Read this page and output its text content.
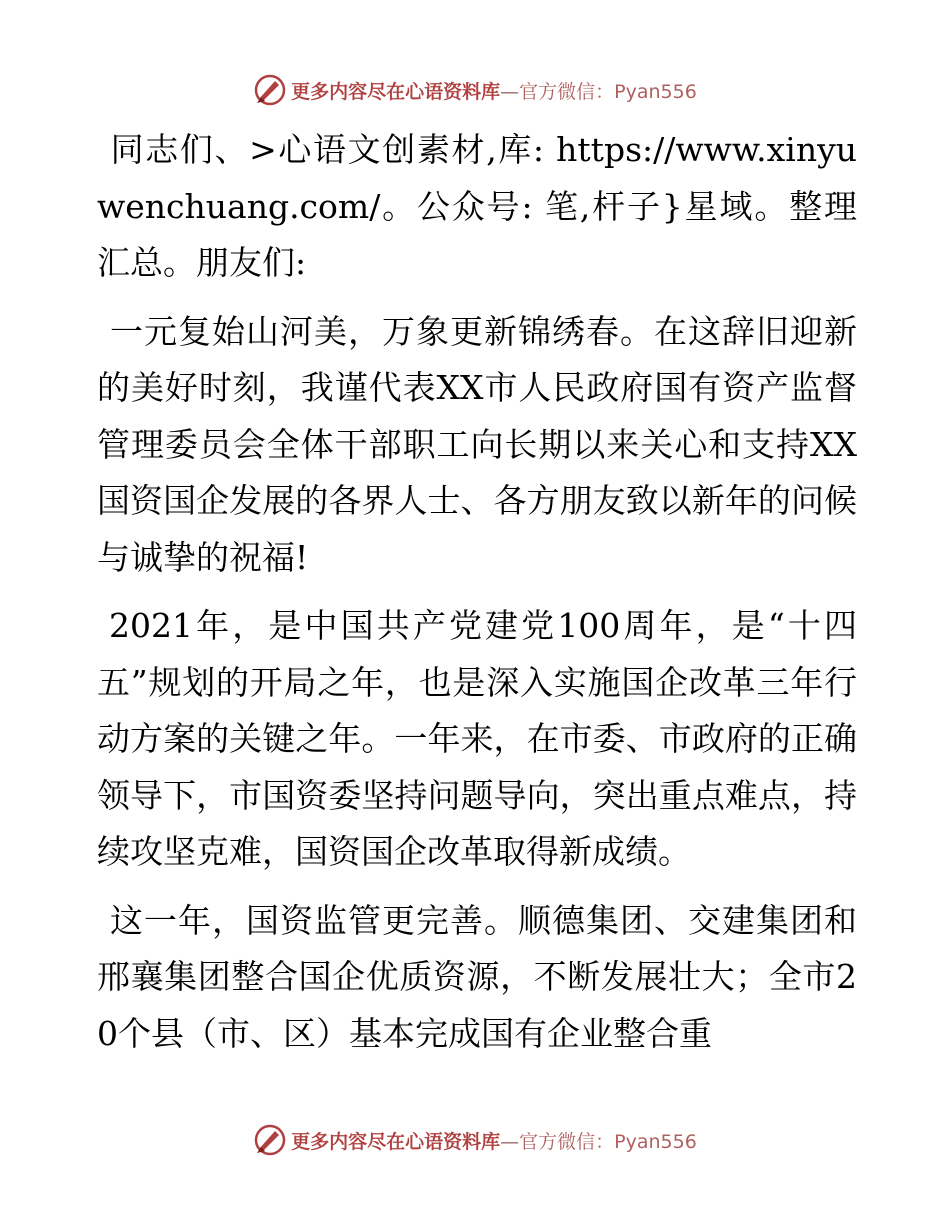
更多内容尽在心语资料库—官方微信：Pyan556

同志们、>心语文创素材,库: https://www.xinyuwenchuang.com/。公众号: 笔,杆子}星域。整理汇总。朋友们:

一元复始山河美，万象更新锦绣春。在这辞旧迎新的美好时刻，我谨代表XX市人民政府国有资产监督管理委员会全体干部职工向长期以来关心和支持XX国资国企发展的各界人士、各方朋友致以新年的问候与诚挚的祝福!

2021年，是中国共产党建党100周年，是“十四五”规划的开局之年，也是深入实施国企改革三年行动方案的关键之年。一年来，在市委、市政府的正确领导下，市国资委坚持问题导向，突出重点难点，持续攻坚克难，国资国企改革取得新成绩。

这一年，国资监管更完善。顺德集团、交建集团和邢襄集团整合国企优质资源，不断发展壮大；全市20个县（市、区）基本完成国有企业整合重

更多内容尽在心语资料库—官方微信：Pyan556
